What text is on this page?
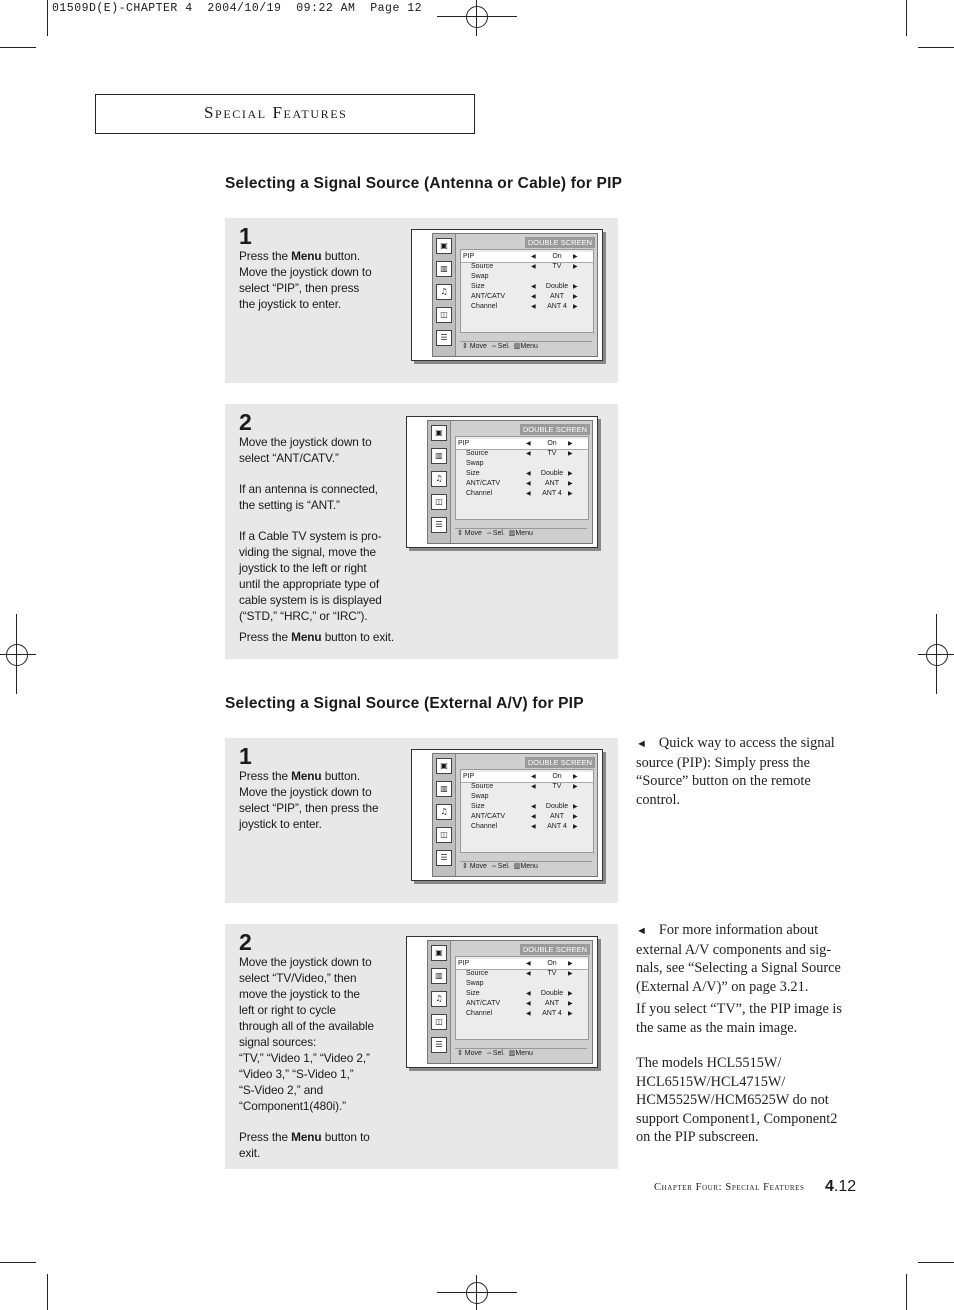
01509D(E)-CHAPTER 4  2004/10/19  09:22 AM  Page 12
Special Features
Selecting a Signal Source (Antenna or Cable) for PIP
1
Press the Menu button.
Move the joystick down to
select “PIP”, then press
the joystick to enter.
▣
▥
♫
◫
☰
DOUBLE SCREEN
PIP	◀	On	▶
Source	◀	TV	▶
Swap
Size	◀	Double ▶
ANT/CATV	◀	ANT	▶
Channel	◀	ANT 4	▶
⇕ Move  ⇔Sel.  ▥Menu
2
Move the joystick down to
select “ANT/CATV.”
If an antenna is connected,
the setting is “ANT.”
If a Cable TV system is pro-
viding the signal, move the
joystick to the left or right
until the appropriate type of
cable system is is displayed
(“STD,” “HRC,” or “IRC”).
Press the Menu button to exit.
▣
▥
♫
◫
☰
DOUBLE SCREEN
PIP	◀	On	▶
Source	◀	TV	▶
Swap
Size	◀	Double ▶
ANT/CATV	◀	ANT	▶
Channel	◀	ANT 4	▶
⇕ Move  ⇔Sel.  ▥Menu
Selecting a Signal Source (External A/V) for PIP
1
Press the Menu button.
Move the joystick down to
select “PIP”, then press the
joystick to enter.
▣
▥
♫
◫
☰
DOUBLE SCREEN
PIP	◀	On	▶
Source	◀	TV	▶
Swap
Size	◀	Double ▶
ANT/CATV	◀	ANT	▶
Channel	◀	ANT 4	▶
⇕ Move  ⇔Sel.  ▥Menu
2
Move the joystick down to
select “TV/Video,” then
move the joystick to the
left or right to cycle
through all of the available
signal sources:
“TV,” “Video 1,” “Video 2,”
“Video 3,” “S-Video 1,”
“S-Video 2,” and
“Component1(480i).”
Press the Menu button to
exit.
▣
▥
♫
◫
☰
DOUBLE SCREEN
PIP	◀	On	▶
Source	◀	TV	▶
Swap
Size	◀	Double ▶
ANT/CATV	◀	ANT	▶
Channel	◀	ANT 4	▶
⇕ Move  ⇔Sel.  ▥Menu
◄ Quick way to access the signal
source (PIP): Simply press the
“Source” button on the remote
control.
◄ For more information about
external A/V components and sig-
nals, see “Selecting a Signal Source
(External A/V)” on page 3.21.
If you select “TV”, the PIP image is
the same as the main image.
The models HCL5515W/
HCL6515W/HCL4715W/
HCM5525W/HCM6525W do not
support Component1, Component2
on the PIP subscreen.
Chapter Four: Special Features 4.12
